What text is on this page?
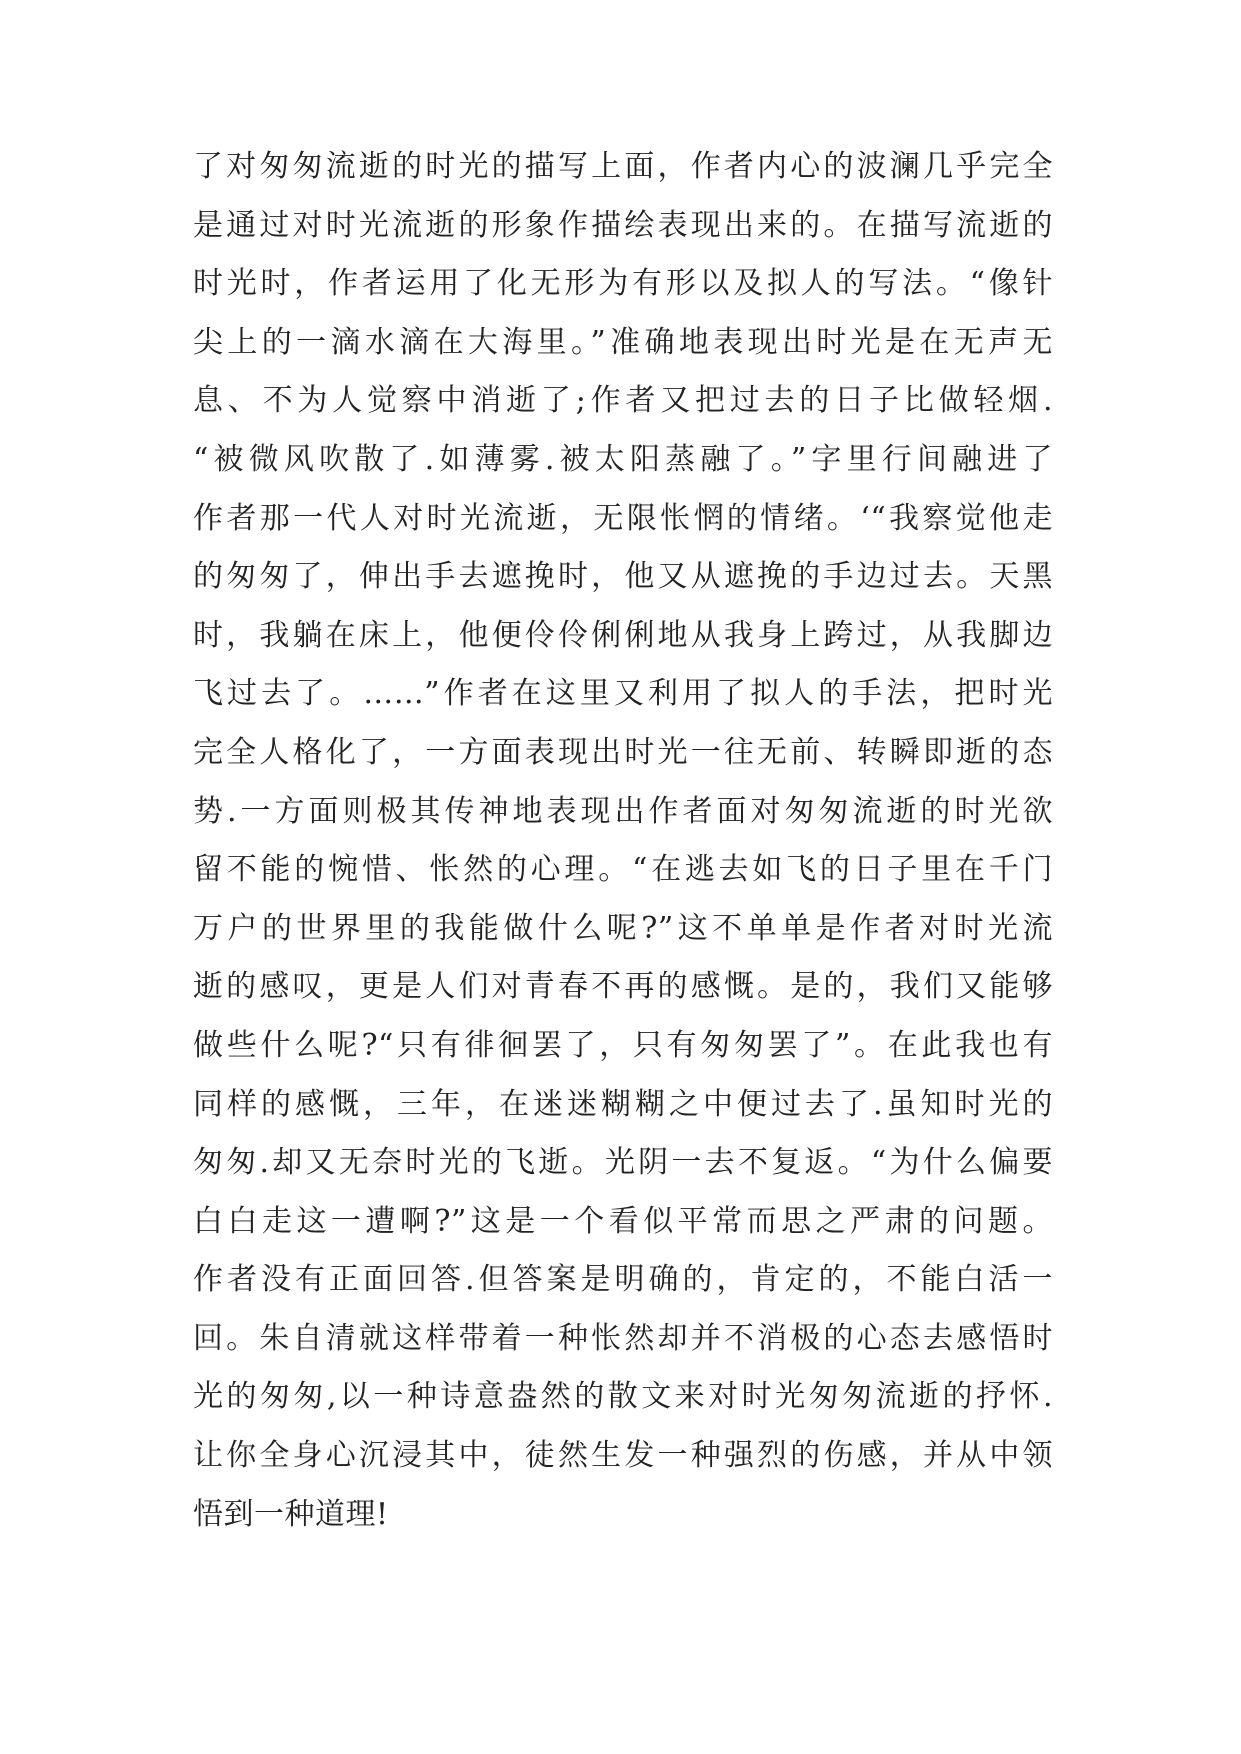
了对匆匆流逝的时光的描写上面，作者内心的波澜几乎完全
是通过对时光流逝的形象作描绘表现出来的。在描写流逝的
时光时，作者运用了化无形为有形以及拟人的写法。“像针
尖上的一滴水滴在大海里。”准确地表现出时光是在无声无
息、不为人觉察中消逝了;作者又把过去的日子比做轻烟.
“被微风吹散了.如薄雾.被太阳蒸融了。”字里行间融进了
作者那一代人对时光流逝，无限怅惘的情绪。‘“我察觉他走
的匆匆了，伸出手去遮挽时，他又从遮挽的手边过去。天黑
时，我躺在床上，他便伶伶俐俐地从我身上跨过，从我脚边
飞过去了。……”作者在这里又利用了拟人的手法，把时光
完全人格化了，一方面表现出时光一往无前、转瞬即逝的态
势.一方面则极其传神地表现出作者面对匆匆流逝的时光欲
留不能的惋惜、怅然的心理。“在逃去如飞的日子里在千门
万户的世界里的我能做什么呢?”这不单单是作者对时光流
逝的感叹，更是人们对青春不再的感慨。是的，我们又能够
做些什么呢?“只有徘徊罢了，只有匆匆罢了”。在此我也有
同样的感慨，三年，在迷迷糊糊之中便过去了.虽知时光的
匆匆.却又无奈时光的飞逝。光阴一去不复返。“为什么偏要
白白走这一遭啊?”这是一个看似平常而思之严肃的问题。
作者没有正面回答.但答案是明确的，肯定的，不能白活一
回。朱自清就这样带着一种怅然却并不消极的心态去感悟时
光的匆匆,以一种诗意盎然的散文来对时光匆匆流逝的抒怀.
让你全身心沉浸其中，徒然生发一种强烈的伤感，并从中领
悟到一种道理!
